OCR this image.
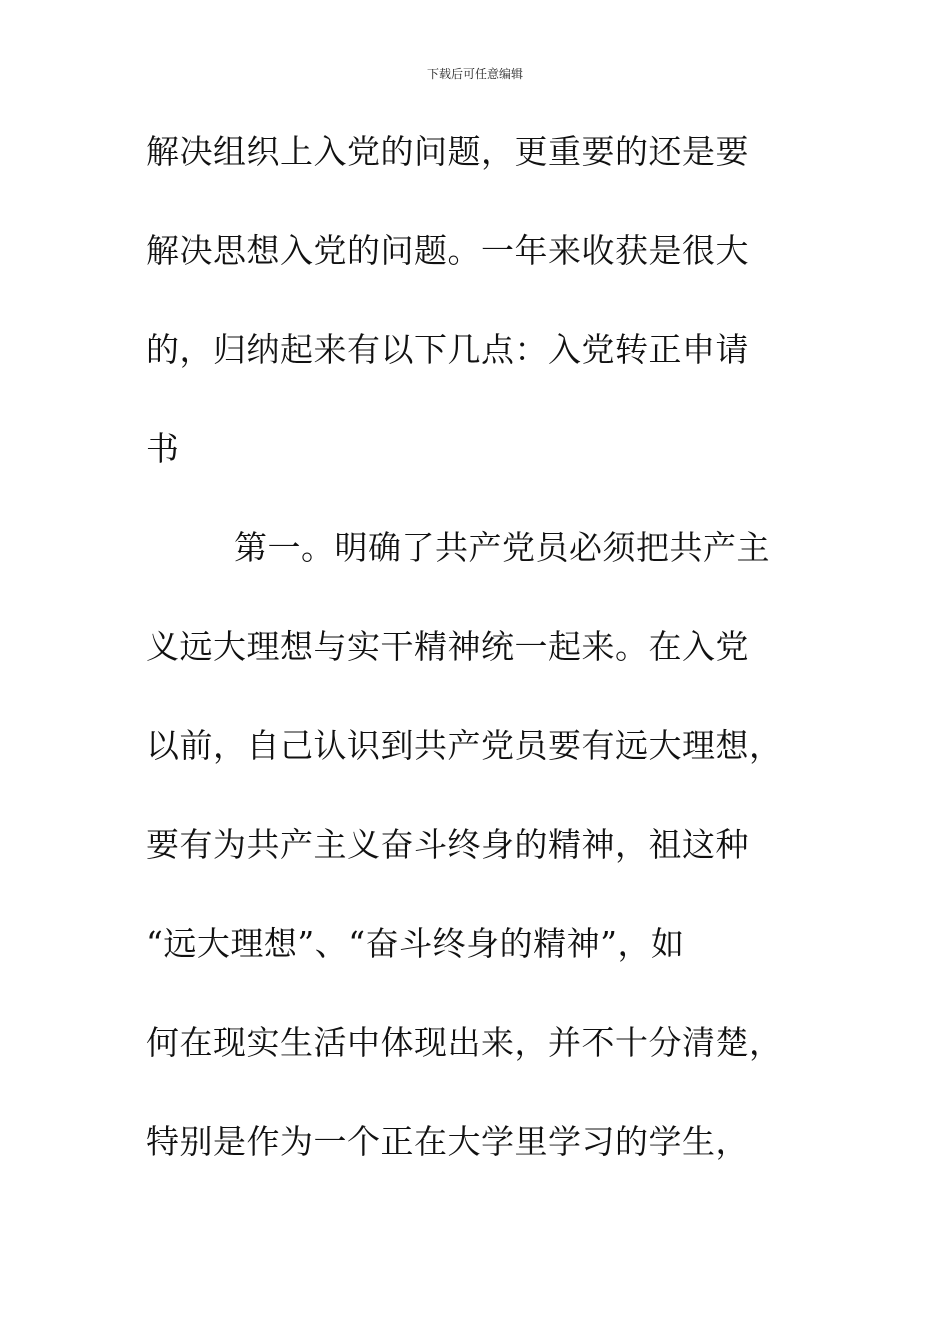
下载后可任意编辑
解决组织上入党的问题，更重要的还是要
解决思想入党的问题。一年来收获是很大
的，归纳起来有以下几点：入党转正申请
书
第一。明确了共产党员必须把共产主
义远大理想与实干精神统一起来。在入党
以前，自己认识到共产党员要有远大理想，
要有为共产主义奋斗终身的精神，祖这种
“远大理想”、“奋斗终身的精神”，如
何在现实生活中体现出来，并不十分清楚，
特别是作为一个正在大学里学习的学生，
